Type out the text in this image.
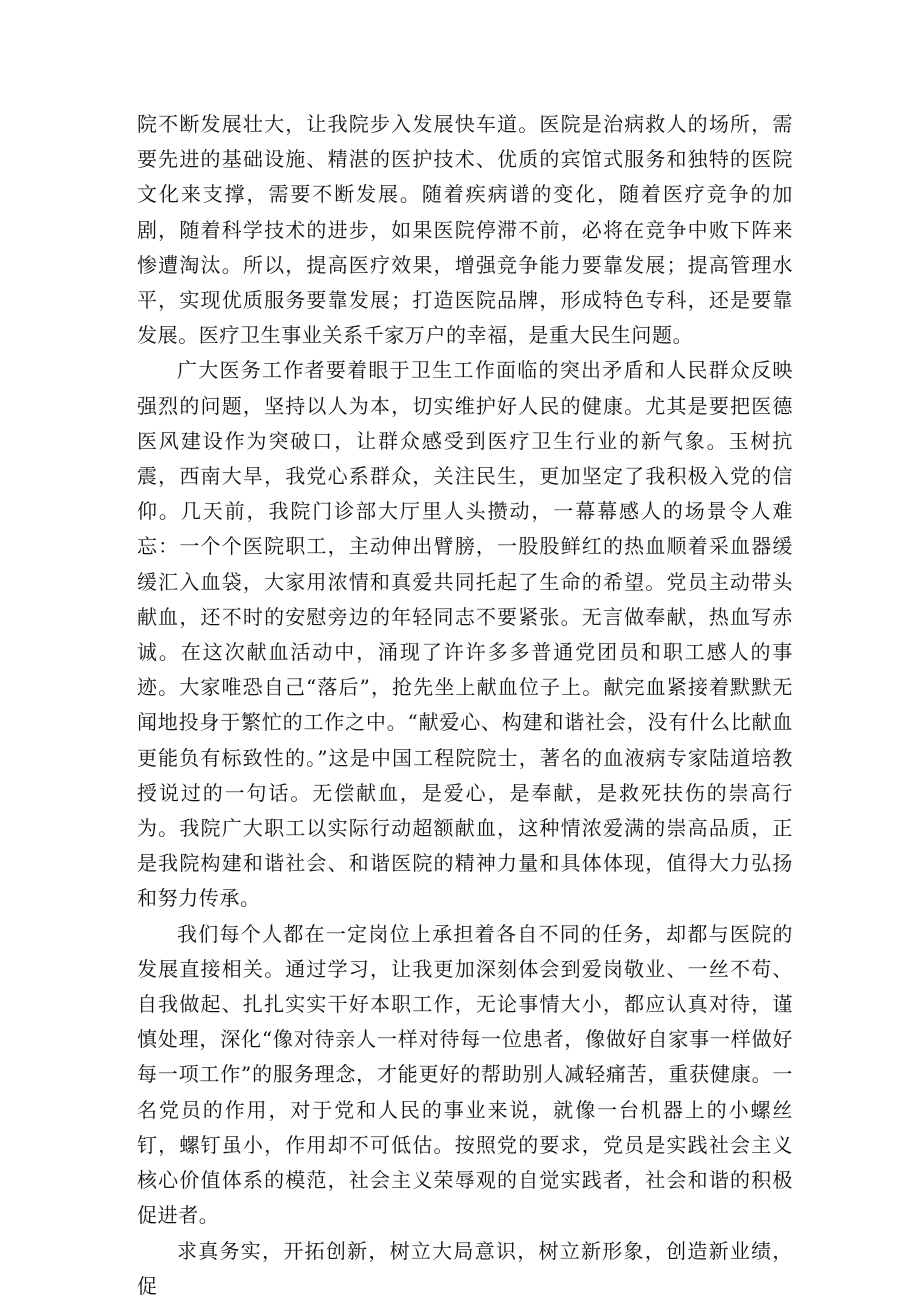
院不断发展壮大，让我院步入发展快车道。医院是治病救人的场所，需要先进的基础设施、精湛的医护技术、优质的宾馆式服务和独特的医院文化来支撑，需要不断发展。随着疾病谱的变化，随着医疗竞争的加剧，随着科学技术的进步，如果医院停滞不前，必将在竞争中败下阵来惨遭淘汰。所以，提高医疗效果，增强竞争能力要靠发展；提高管理水平，实现优质服务要靠发展；打造医院品牌，形成特色专科，还是要靠发展。医疗卫生事业关系千家万户的幸福，是重大民生问题。

广大医务工作者要着眼于卫生工作面临的突出矛盾和人民群众反映强烈的问题，坚持以人为本，切实维护好人民的健康。尤其是要把医德医风建设作为突破口，让群众感受到医疗卫生行业的新气象。玉树抗震，西南大旱，我党心系群众，关注民生，更加坚定了我积极入党的信仰。几天前，我院门诊部大厅里人头攒动，一幕幕感人的场景令人难忘：一个个医院职工，主动伸出臂膀，一股股鲜红的热血顺着采血器缓缓汇入血袋，大家用浓情和真爱共同托起了生命的希望。党员主动带头献血，还不时的安慰旁边的年轻同志不要紧张。无言做奉献，热血写赤诚。在这次献血活动中，涌现了许许多多普通党团员和职工感人的事迹。大家唯恐自己“落后”，抢先坐上献血位子上。献完血紧接着默默无闻地投身于繁忙的工作之中。“献爱心、构建和谐社会，没有什么比献血更能负有标致性的。”这是中国工程院院士，著名的血液病专家陆道培教授说过的一句话。无偿献血，是爱心，是奉献，是救死扶伤的崇高行为。我院广大职工以实际行动超额献血，这种情浓爱满的崇高品质，正是我院构建和谐社会、和谐医院的精神力量和具体体现，值得大力弘扬和努力传承。

我们每个人都在一定岗位上承担着各自不同的任务，却都与医院的发展直接相关。通过学习，让我更加深刻体会到爱岗敬业、一丝不苟、自我做起、扎扎实实干好本职工作，无论事情大小，都应认真对待，谨慎处理，深化“像对待亲人一样对待每一位患者，像做好自家事一样做好每一项工作”的服务理念，才能更好的帮助别人减轻痛苦，重获健康。一名党员的作用，对于党和人民的事业来说，就像一台机器上的小螺丝钉，螺钉虽小，作用却不可低估。按照党的要求，党员是实践社会主义核心价值体系的模范，社会主义荣辱观的自觉实践者，社会和谐的积极促进者。

求真务实，开拓创新，树立大局意识，树立新形象，创造新业绩，促
